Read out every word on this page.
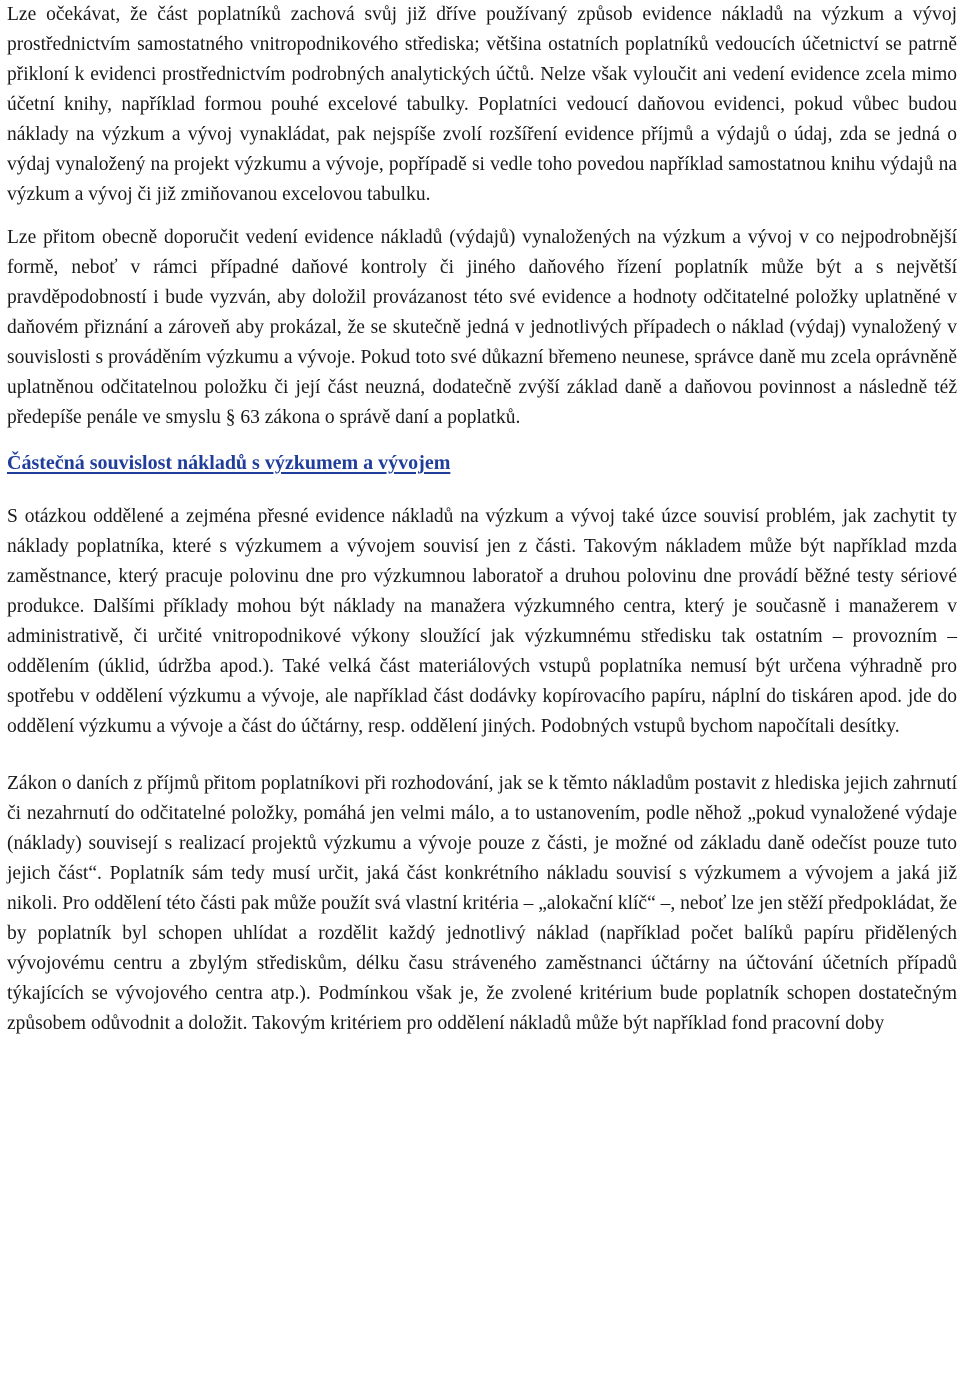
Lze očekávat, že část poplatníků zachová svůj již dříve používaný způsob evidence nákladů na výzkum a vývoj prostřednictvím samostatného vnitropodnikového střediska; většina ostatních poplatníků vedoucích účetnictví se patrně přikloní k evidenci prostřednictvím podrobných analytických účtů. Nelze však vyloučit ani vedení evidence zcela mimo účetní knihy, například formou pouhé excelové tabulky. Poplatníci vedoucí daňovou evidenci, pokud vůbec budou náklady na výzkum a vývoj vynakládat, pak nejspíše zvolí rozšíření evidence příjmů a výdajů o údaj, zda se jedná o výdaj vynaložený na projekt výzkumu a vývoje, popřípadě si vedle toho povedou například samostatnou knihu výdajů na výzkum a vývoj či již zmiňovanou excelovou tabulku.

Lze přitom obecně doporučit vedení evidence nákladů (výdajů) vynaložených na výzkum a vývoj v co nejpodrobnější formě, neboť v rámci případné daňové kontroly či jiného daňového řízení poplatník může být a s největší pravděpodobností i bude vyzván, aby doložil provázanost této své evidence a hodnoty odčitatelné položky uplatněné v daňovém přiznání a zároveň aby prokázal, že se skutečně jedná v jednotlivých případech o náklad (výdaj) vynaložený v souvislosti s prováděním výzkumu a vývoje. Pokud toto své důkazní břemeno neunese, správce daně mu zcela oprávněně uplatněnou odčitatelnou položku či její část neuzná, dodatečně zvýší základ daně a daňovou povinnost a následně též předepíše penále ve smyslu § 63 zákona o správě daní a poplatků.

Částečná souvislost nákladů s výzkumem a vývojem

S otázkou oddělené a zejména přesné evidence nákladů na výzkum a vývoj také úzce souvisí problém, jak zachytit ty náklady poplatníka, které s výzkumem a vývojem souvisí jen z části. Takovým nákladem může být například mzda zaměstnance, který pracuje polovinu dne pro výzkumnou laboratoř a druhou polovinu dne provádí běžné testy sériové produkce. Dalšími příklady mohou být náklady na manažera výzkumného centra, který je současně i manažerem v administrativě, či určité vnitropodnikové výkony sloužící jak výzkumnému středisku tak ostatním – provozním – oddělením (úklid, údržba apod.). Také velká část materiálových vstupů poplatníka nemusí být určena výhradně pro spotřebu v oddělení výzkumu a vývoje, ale například část dodávky kopírovacího papíru, náplní do tiskáren apod. jde do oddělení výzkumu a vývoje a část do účtárny, resp. oddělení jiných. Podobných vstupů bychom napočítali desítky.

Zákon o daních z příjmů přitom poplatníkovi při rozhodování, jak se k těmto nákladům postavit z hlediska jejich zahrnutí či nezahrnutí do odčitatelné položky, pomáhá jen velmi málo, a to ustanovením, podle něhož „pokud vynaložené výdaje (náklady) souvisejí s realizací projektů výzkumu a vývoje pouze z části, je možné od základu daně odečíst pouze tuto jejich část“. Poplatník sám tedy musí určit, jaká část konkrétního nákladu souvisí s výzkumem a vývojem a jaká již nikoli. Pro oddělení této části pak může použít svá vlastní kritéria – „alokační klíč“ –, neboť lze jen stěží předpokládat, že by poplatník byl schopen uhlídat a rozdělit každý jednotlivý náklad (například počet balíků papíru přidělených vývojovému centru a zbylým střediskům, délku času stráveného zaměstnanci účtárny na účtování účetních případů týkajících se vývojového centra atp.). Podmínkou však je, že zvolené kritérium bude poplatník schopen dostatečným způsobem odůvodnit a doložit. Takovým kritériem pro oddělení nákladů může být například fond pracovní doby
